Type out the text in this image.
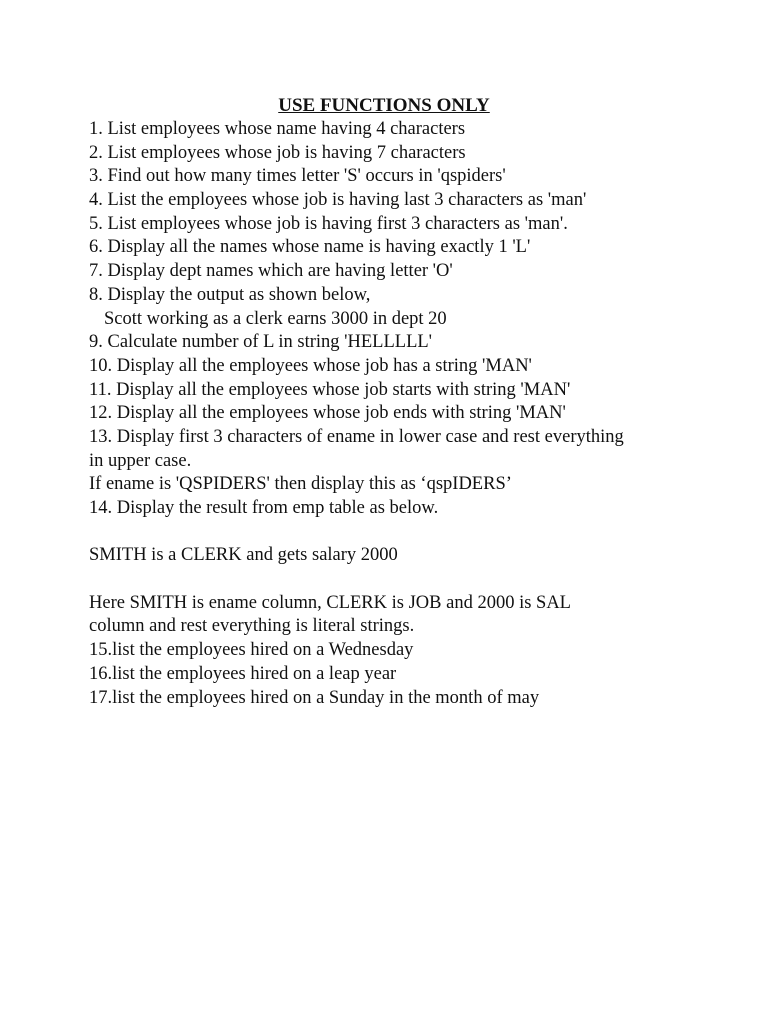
USE FUNCTIONS ONLY
1. List employees whose name having 4 characters
2. List employees whose job is having 7 characters
3. Find out how many times letter 'S' occurs in 'qspiders'
4. List the employees whose job is having last 3 characters as 'man'
5. List employees whose job is having first 3 characters as 'man'.
6. Display all the names whose name is having exactly 1 'L'
7. Display dept names which are having letter 'O'
8. Display the output as shown below,
Scott working as a clerk earns 3000 in dept 20
9. Calculate number of L in string 'HELLLLL'
10. Display all the employees whose job has a string 'MAN'
11. Display all the employees whose job starts with string 'MAN'
12. Display all the employees whose job ends with string 'MAN'
13. Display first 3 characters of ename in lower case and rest everything
in upper case.
If ename is 'QSPIDERS' then display this as ‘qspIDERS’
14. Display the result from emp table as below.
SMITH is a CLERK and gets salary 2000
Here SMITH is ename column, CLERK is JOB and 2000 is SAL
column and rest everything is literal strings.
15.list the employees hired on a Wednesday
16.list the employees hired on a leap year
17.list the employees hired on a Sunday in the month of may
